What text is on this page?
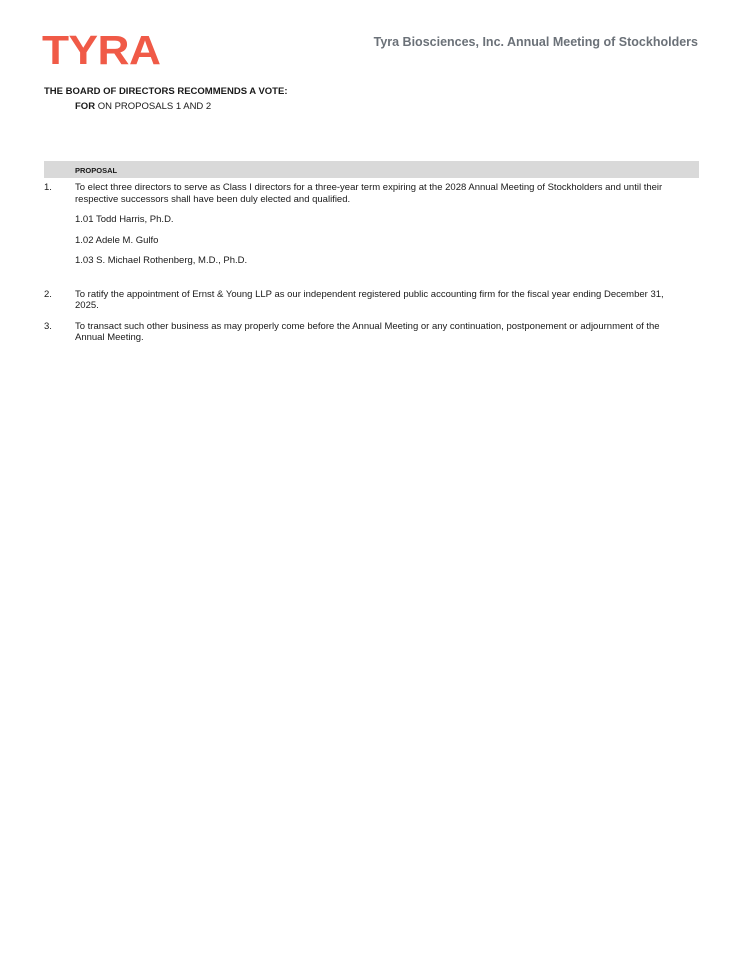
TYRA	Tyra Biosciences, Inc. Annual Meeting of Stockholders
THE BOARD OF DIRECTORS RECOMMENDS A VOTE:
FOR ON PROPOSALS 1 AND 2
PROPOSAL
1. To elect three directors to serve as Class I directors for a three-year term expiring at the 2028 Annual Meeting of Stockholders and until their respective successors shall have been duly elected and qualified.
1.01 Todd Harris, Ph.D.
1.02 Adele M. Gulfo
1.03 S. Michael Rothenberg, M.D., Ph.D.
2. To ratify the appointment of Ernst & Young LLP as our independent registered public accounting firm for the fiscal year ending December 31, 2025.
3. To transact such other business as may properly come before the Annual Meeting or any continuation, postponement or adjournment of the Annual Meeting.
